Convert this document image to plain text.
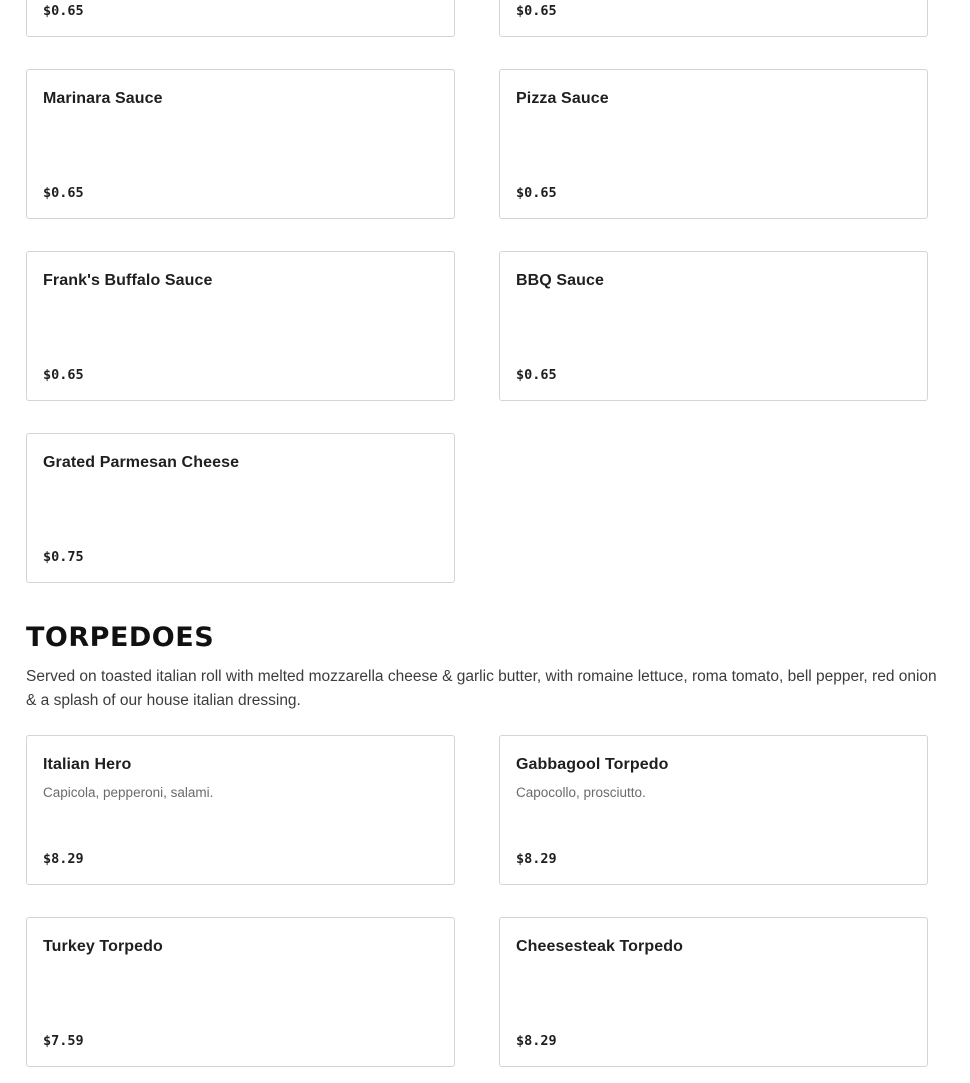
$0.65	$0.65
Marinara Sauce
$0.65
Pizza Sauce
$0.65
Frank's Buffalo Sauce
$0.65
BBQ Sauce
$0.65
Grated Parmesan Cheese
$0.75
TORPEDOES

Served on toasted italian roll with melted mozzarella cheese & garlic butter, with romaine lettuce, roma tomato, bell pepper, red onion & a splash of our house italian dressing.

Italian Hero
Capicola, pepperoni, salami.
$8.29
Gabbagool Torpedo
Capocollo, prosciutto.
$8.29
Turkey Torpedo
$7.59
Cheesesteak Torpedo
$8.29
